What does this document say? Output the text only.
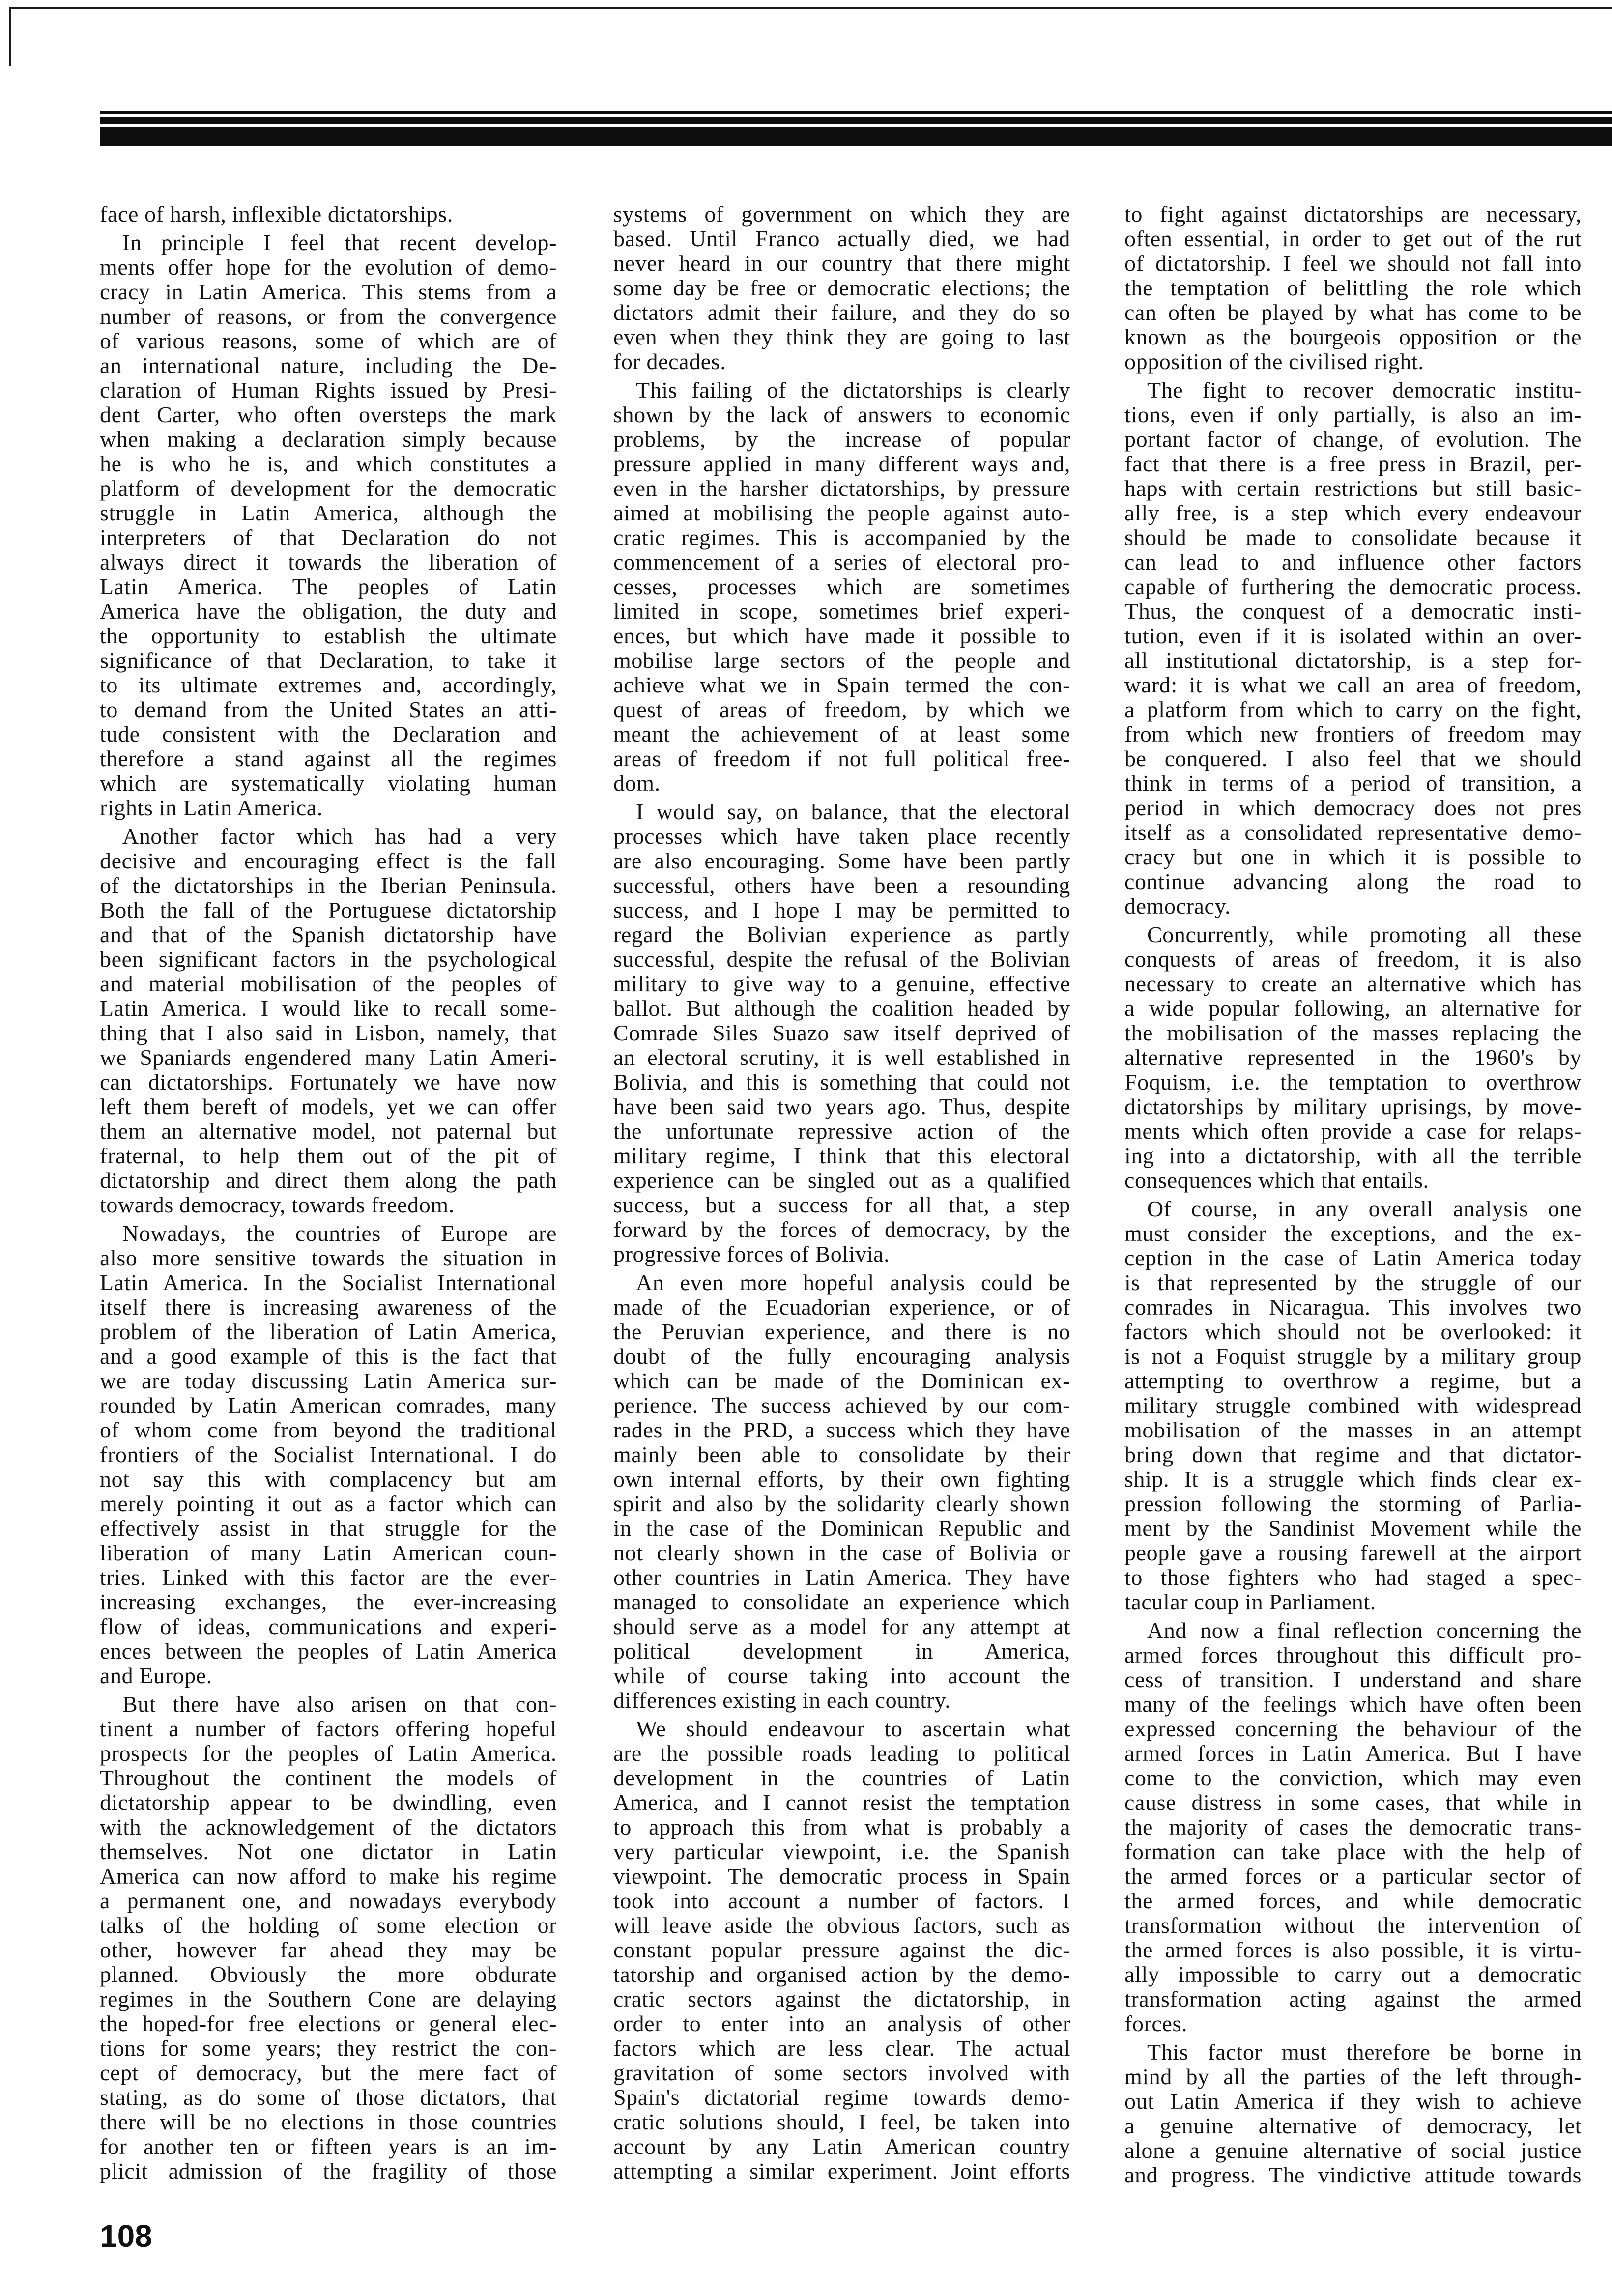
face of harsh, inflexible dictatorships.
In principle I feel that recent develop-
ments offer hope for the evolution of demo-
cracy in Latin America. This stems from a
number of reasons, or from the convergence
of various reasons, some of which are of
an international nature, including the De-
claration of Human Rights issued by Presi-
dent Carter, who often oversteps the mark
when making a declaration simply because
he is who he is, and which constitutes a
platform of development for the democratic
struggle in Latin America, although the
interpreters of that Declaration do not
always direct it towards the liberation of
Latin America. The peoples of Latin
America have the obligation, the duty and
the opportunity to establish the ultimate
significance of that Declaration, to take it
to its ultimate extremes and, accordingly,
to demand from the United States an atti-
tude consistent with the Declaration and
therefore a stand against all the regimes
which are systematically violating human
rights in Latin America.
Another factor which has had a very
decisive and encouraging effect is the fall
of the dictatorships in the Iberian Peninsula.
Both the fall of the Portuguese dictatorship
and that of the Spanish dictatorship have
been significant factors in the psychological
and material mobilisation of the peoples of
Latin America. I would like to recall some-
thing that I also said in Lisbon, namely, that
we Spaniards engendered many Latin Ameri-
can dictatorships. Fortunately we have now
left them bereft of models, yet we can offer
them an alternative model, not paternal but
fraternal, to help them out of the pit of
dictatorship and direct them along the path
towards democracy, towards freedom.
Nowadays, the countries of Europe are
also more sensitive towards the situation in
Latin America. In the Socialist International
itself there is increasing awareness of the
problem of the liberation of Latin America,
and a good example of this is the fact that
we are today discussing Latin America sur-
rounded by Latin American comrades, many
of whom come from beyond the traditional
frontiers of the Socialist International. I do
not say this with complacency but am
merely pointing it out as a factor which can
effectively assist in that struggle for the
liberation of many Latin American coun-
tries. Linked with this factor are the ever-
increasing exchanges, the ever-increasing
flow of ideas, communications and experi-
ences between the peoples of Latin America
and Europe.
But there have also arisen on that con-
tinent a number of factors offering hopeful
prospects for the peoples of Latin America.
Throughout the continent the models of
dictatorship appear to be dwindling, even
with the acknowledgement of the dictators
themselves. Not one dictator in Latin
America can now afford to make his regime
a permanent one, and nowadays everybody
talks of the holding of some election or
other, however far ahead they may be
planned. Obviously the more obdurate
regimes in the Southern Cone are delaying
the hoped-for free elections or general elec-
tions for some years; they restrict the con-
cept of democracy, but the mere fact of
stating, as do some of those dictators, that
there will be no elections in those countries
for another ten or fifteen years is an im-
plicit admission of the fragility of those
systems of government on which they are
based. Until Franco actually died, we had
never heard in our country that there might
some day be free or democratic elections; the
dictators admit their failure, and they do so
even when they think they are going to last
for decades.
This failing of the dictatorships is clearly
shown by the lack of answers to economic
problems, by the increase of popular
pressure applied in many different ways and,
even in the harsher dictatorships, by pressure
aimed at mobilising the people against auto-
cratic regimes. This is accompanied by the
commencement of a series of electoral pro-
cesses, processes which are sometimes
limited in scope, sometimes brief experi-
ences, but which have made it possible to
mobilise large sectors of the people and
achieve what we in Spain termed the con-
quest of areas of freedom, by which we
meant the achievement of at least some
areas of freedom if not full political free-
dom.
I would say, on balance, that the electoral
processes which have taken place recently
are also encouraging. Some have been partly
successful, others have been a resounding
success, and I hope I may be permitted to
regard the Bolivian experience as partly
successful, despite the refusal of the Bolivian
military to give way to a genuine, effective
ballot. But although the coalition headed by
Comrade Siles Suazo saw itself deprived of
an electoral scrutiny, it is well established in
Bolivia, and this is something that could not
have been said two years ago. Thus, despite
the unfortunate repressive action of the
military regime, I think that this electoral
experience can be singled out as a qualified
success, but a success for all that, a step
forward by the forces of democracy, by the
progressive forces of Bolivia.
An even more hopeful analysis could be
made of the Ecuadorian experience, or of
the Peruvian experience, and there is no
doubt of the fully encouraging analysis
which can be made of the Dominican ex-
perience. The success achieved by our com-
rades in the PRD, a success which they have
mainly been able to consolidate by their
own internal efforts, by their own fighting
spirit and also by the solidarity clearly shown
in the case of the Dominican Republic and
not clearly shown in the case of Bolivia or
other countries in Latin America. They have
managed to consolidate an experience which
should serve as a model for any attempt at
political development in America,
while of course taking into account the
differences existing in each country.
We should endeavour to ascertain what
are the possible roads leading to political
development in the countries of Latin
America, and I cannot resist the temptation
to approach this from what is probably a
very particular viewpoint, i.e. the Spanish
viewpoint. The democratic process in Spain
took into account a number of factors. I
will leave aside the obvious factors, such as
constant popular pressure against the dic-
tatorship and organised action by the demo-
cratic sectors against the dictatorship, in
order to enter into an analysis of other
factors which are less clear. The actual
gravitation of some sectors involved with
Spain's dictatorial regime towards demo-
cratic solutions should, I feel, be taken into
account by any Latin American country
attempting a similar experiment. Joint efforts
to fight against dictatorships are necessary,
often essential, in order to get out of the rut
of dictatorship. I feel we should not fall into
the temptation of belittling the role which
can often be played by what has come to be
known as the bourgeois opposition or the
opposition of the civilised right.
The fight to recover democratic institu-
tions, even if only partially, is also an im-
portant factor of change, of evolution. The
fact that there is a free press in Brazil, per-
haps with certain restrictions but still basic-
ally free, is a step which every endeavour
should be made to consolidate because it
can lead to and influence other factors
capable of furthering the democratic process.
Thus, the conquest of a democratic insti-
tution, even if it is isolated within an over-
all institutional dictatorship, is a step for-
ward: it is what we call an area of freedom,
a platform from which to carry on the fight,
from which new frontiers of freedom may
be conquered. I also feel that we should
think in terms of a period of transition, a
period in which democracy does not pres
itself as a consolidated representative demo-
cracy but one in which it is possible to
continue advancing along the road to
democracy.
Concurrently, while promoting all these
conquests of areas of freedom, it is also
necessary to create an alternative which has
a wide popular following, an alternative for
the mobilisation of the masses replacing the
alternative represented in the 1960's by
Foquism, i.e. the temptation to overthrow
dictatorships by military uprisings, by move-
ments which often provide a case for relaps-
ing into a dictatorship, with all the terrible
consequences which that entails.
Of course, in any overall analysis one
must consider the exceptions, and the ex-
ception in the case of Latin America today
is that represented by the struggle of our
comrades in Nicaragua. This involves two
factors which should not be overlooked: it
is not a Foquist struggle by a military group
attempting to overthrow a regime, but a
military struggle combined with widespread
mobilisation of the masses in an attempt
bring down that regime and that dictator-
ship. It is a struggle which finds clear ex-
pression following the storming of Parlia-
ment by the Sandinist Movement while the
people gave a rousing farewell at the airport
to those fighters who had staged a spec-
tacular coup in Parliament.
And now a final reflection concerning the
armed forces throughout this difficult pro-
cess of transition. I understand and share
many of the feelings which have often been
expressed concerning the behaviour of the
armed forces in Latin America. But I have
come to the conviction, which may even
cause distress in some cases, that while in
the majority of cases the democratic trans-
formation can take place with the help of
the armed forces or a particular sector of
the armed forces, and while democratic
transformation without the intervention of
the armed forces is also possible, it is virtu-
ally impossible to carry out a democratic
transformation acting against the armed
forces.
This factor must therefore be borne in
mind by all the parties of the left through-
out Latin America if they wish to achieve
a genuine alternative of democracy, let
alone a genuine alternative of social justice
and progress. The vindictive attitude towards
108
